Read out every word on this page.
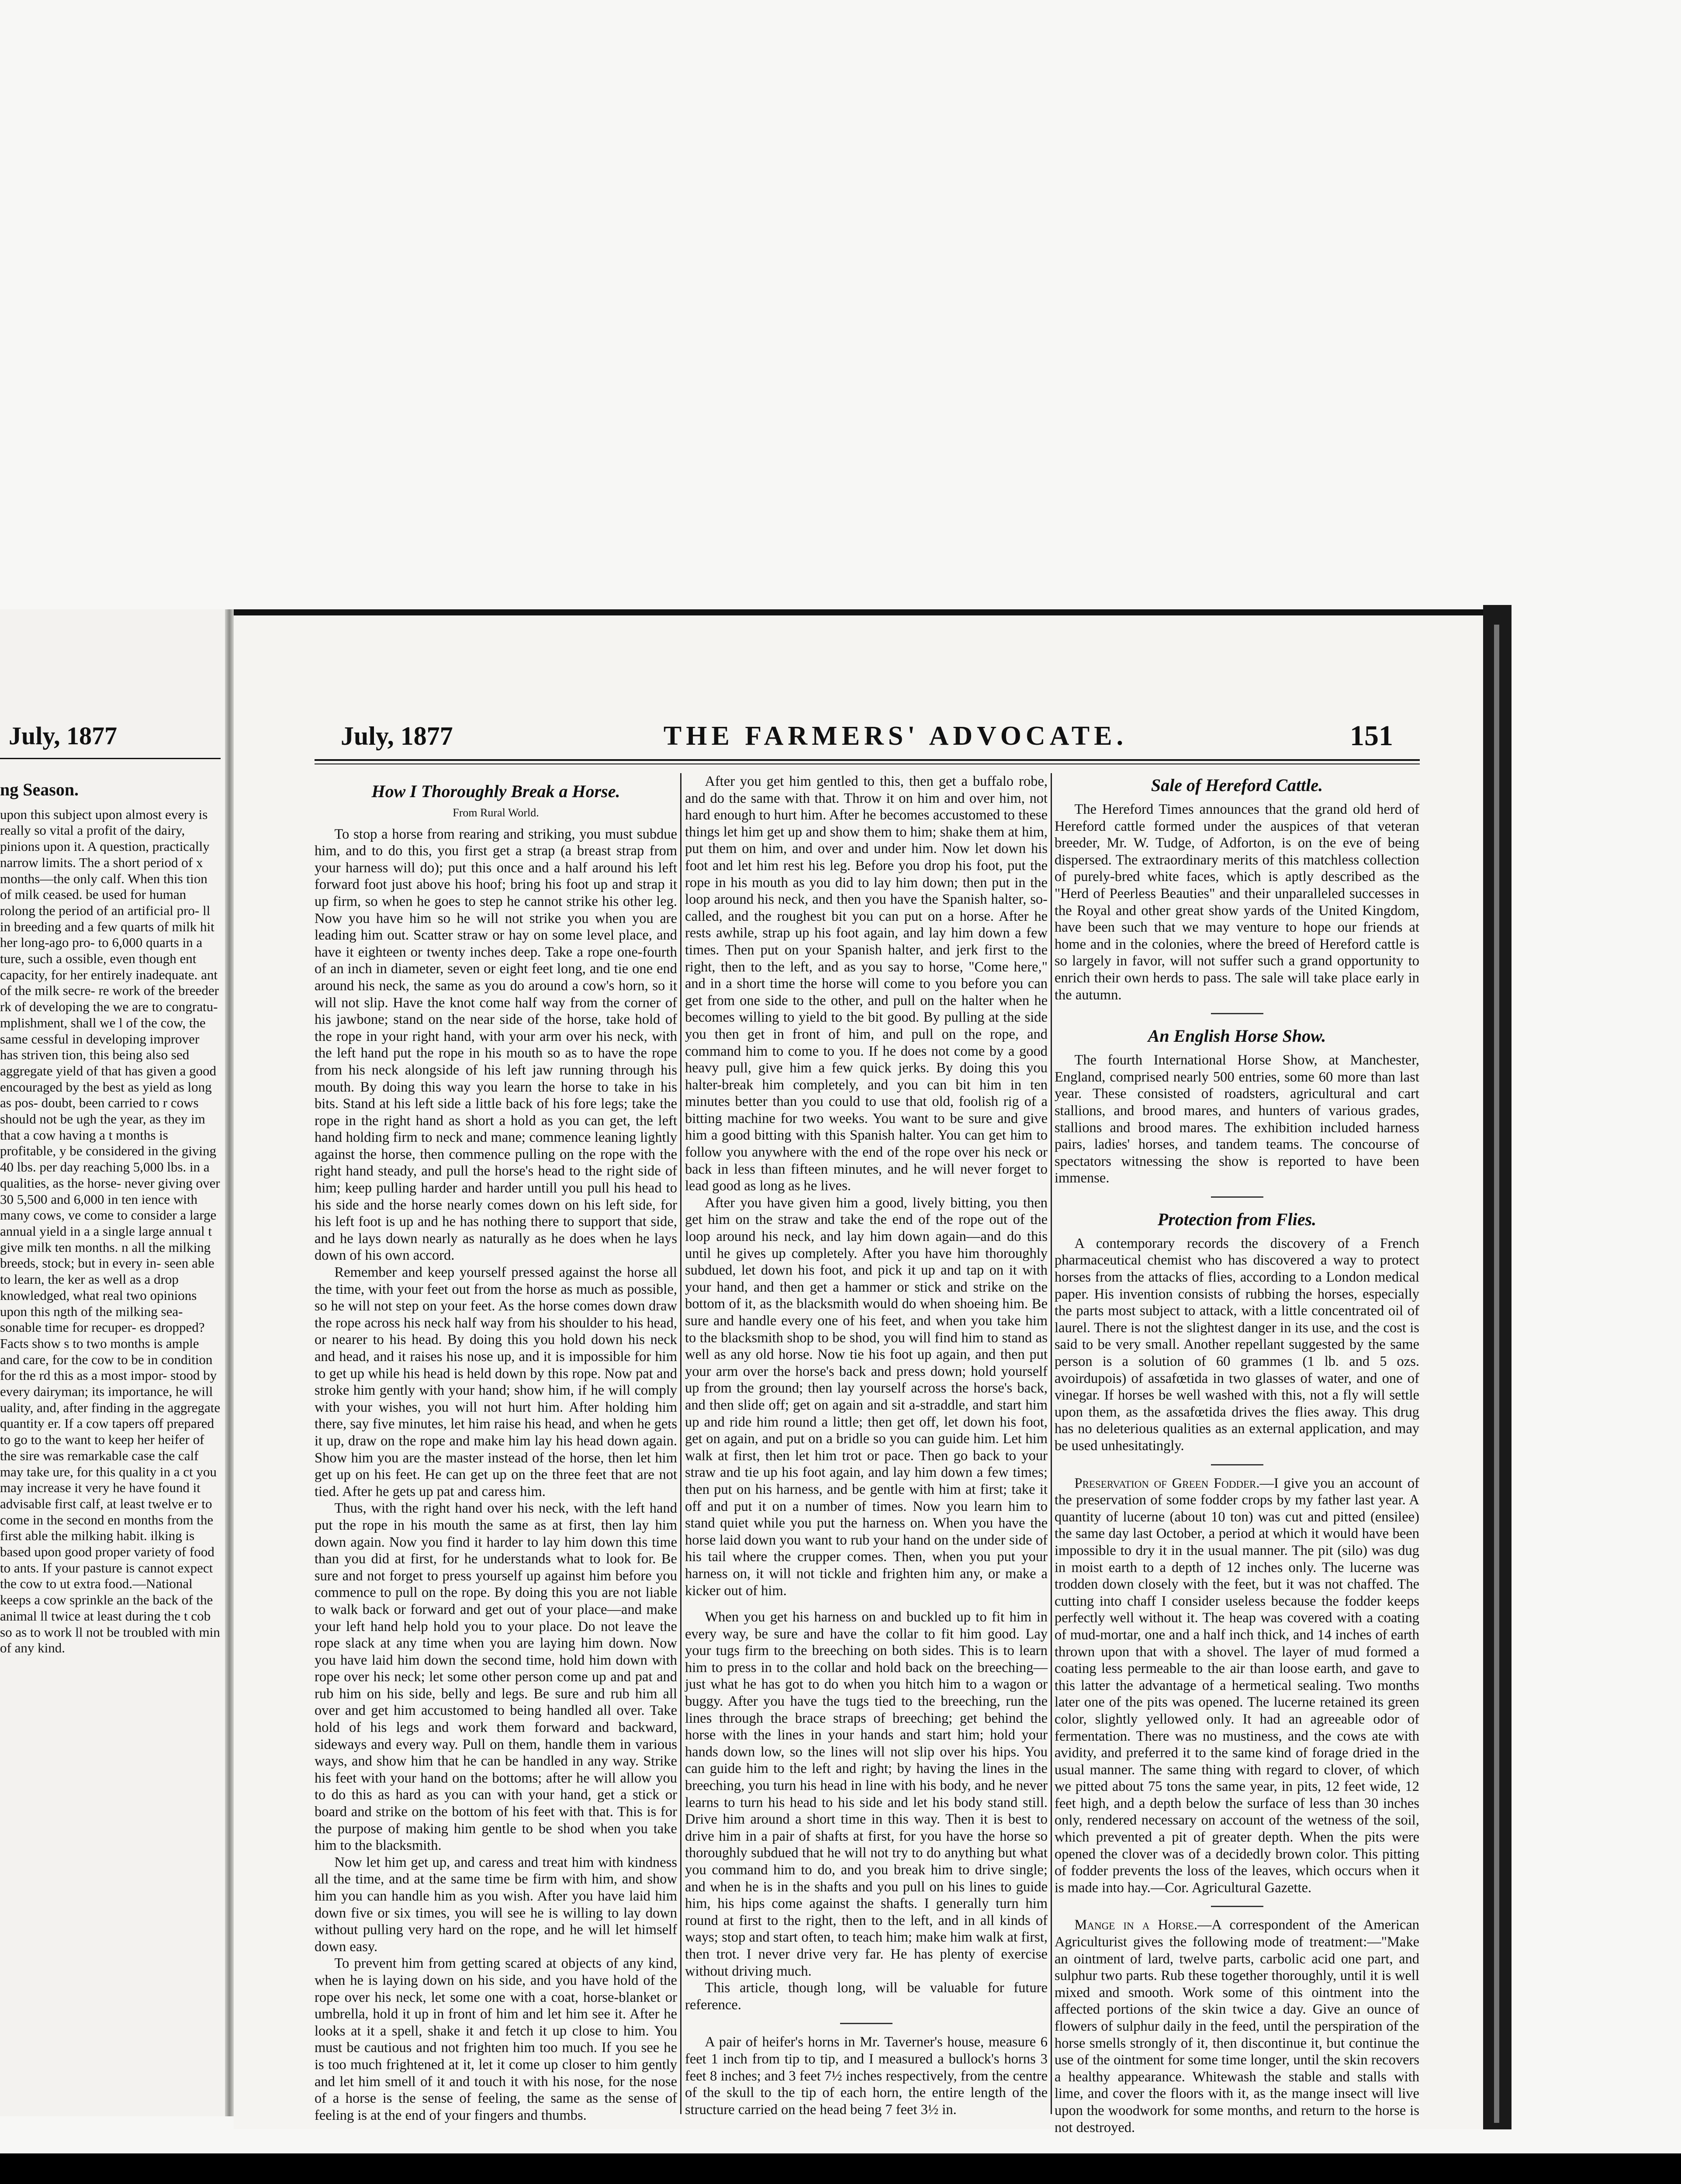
July, 1877
ng Season.

upon this subject upon almost every is really so vital a profit of the dairy, pinions upon it. A question, practically narrow limits. The a short period of x months—the only calf. When this tion of milk ceased. be used for human rolong the period of an artificial pro- ll in breeding and a few quarts of milk hit her long-ago pro- to 6,000 quarts in a ture, such a ossible, even though ent capacity, for her entirely inadequate. ant of the milk secre- re work of the breeder rk of developing the we are to congratu- mplishment, shall we l of the cow, the same cessful in developing improver has striven tion, this being also sed aggregate yield of that has given a good encouraged by the best as yield as long as pos- doubt, been carried to r cows should not be ugh the year, as they im that a cow having a t months is profitable, y be considered in the giving 40 lbs. per day reaching 5,000 lbs. in a qualities, as the horse- never giving over 30 5,500 and 6,000 in ten ience with many cows, ve come to consider a large annual yield in a a single large annual t give milk ten months. n all the milking breeds, stock; but in every in- seen able to learn, the ker as well as a drop knowledged, what real two opinions upon this ngth of the milking sea- sonable time for recuper- es dropped? Facts show s to two months is ample and care, for the cow to be in condition for the rd this as a most impor- stood by every dairyman; its importance, he will uality, and, after finding in the aggregate quantity er. If a cow tapers off prepared to go to the want to keep her heifer of the sire was remarkable case the calf may take ure, for this quality in a ct you may increase it very he have found it advisable first calf, at least twelve er to come in the second en months from the first able the milking habit. ilking is based upon good proper variety of food to ants. If your pasture is cannot expect the cow to ut extra food.—National keeps a cow sprinkle an the back of the animal ll twice at least during the t cob so as to work ll not be troubled with min of any kind.

July, 1877	THE FARMERS' ADVOCATE.	151
How I Thoroughly Break a Horse.
From Rural World.

To stop a horse from rearing and striking, you must subdue him, and to do this, you first get a strap (a breast strap from your harness will do); put this once and a half around his left forward foot just above his hoof; bring his foot up and strap it up firm, so when he goes to step he cannot strike his other leg. Now you have him so he will not strike you when you are leading him out. Scatter straw or hay on some level place, and have it eighteen or twenty inches deep. Take a rope one-fourth of an inch in diameter, seven or eight feet long, and tie one end around his neck, the same as you do around a cow's horn, so it will not slip. Have the knot come half way from the corner of his jawbone; stand on the near side of the horse, take hold of the rope in your right hand, with your arm over his neck, with the left hand put the rope in his mouth so as to have the rope from his neck alongside of his left jaw running through his mouth. By doing this way you learn the horse to take in his bits. Stand at his left side a little back of his fore legs; take the rope in the right hand as short a hold as you can get, the left hand holding firm to neck and mane; commence leaning lightly against the horse, then commence pulling on the rope with the right hand steady, and pull the horse's head to the right side of him; keep pulling harder and harder untill you pull his head to his side and the horse nearly comes down on his left side, for his left foot is up and he has nothing there to support that side, and he lays down nearly as naturally as he does when he lays down of his own accord.

Remember and keep yourself pressed against the horse all the time, with your feet out from the horse as much as possible, so he will not step on your feet. As the horse comes down draw the rope across his neck half way from his shoulder to his head, or nearer to his head. By doing this you hold down his neck and head, and it raises his nose up, and it is impossible for him to get up while his head is held down by this rope. Now pat and stroke him gently with your hand; show him, if he will comply with your wishes, you will not hurt him. After holding him there, say five minutes, let him raise his head, and when he gets it up, draw on the rope and make him lay his head down again. Show him you are the master instead of the horse, then let him get up on his feet. He can get up on the three feet that are not tied. After he gets up pat and caress him.

Thus, with the right hand over his neck, with the left hand put the rope in his mouth the same as at first, then lay him down again. Now you find it harder to lay him down this time than you did at first, for he understands what to look for. Be sure and not forget to press yourself up against him before you commence to pull on the rope. By doing this you are not liable to walk back or forward and get out of your place—and make your left hand help hold you to your place. Do not leave the rope slack at any time when you are laying him down. Now you have laid him down the second time, hold him down with rope over his neck; let some other person come up and pat and rub him on his side, belly and legs. Be sure and rub him all over and get him accustomed to being handled all over. Take hold of his legs and work them forward and backward, sideways and every way. Pull on them, handle them in various ways, and show him that he can be handled in any way. Strike his feet with your hand on the bottoms; after he will allow you to do this as hard as you can with your hand, get a stick or board and strike on the bottom of his feet with that. This is for the purpose of making him gentle to be shod when you take him to the blacksmith.

Now let him get up, and caress and treat him with kindness all the time, and at the same time be firm with him, and show him you can handle him as you wish. After you have laid him down five or six times, you will see he is willing to lay down without pulling very hard on the rope, and he will let himself down easy.

To prevent him from getting scared at objects of any kind, when he is laying down on his side, and you have hold of the rope over his neck, let some one with a coat, horse-blanket or umbrella, hold it up in front of him and let him see it. After he looks at it a spell, shake it and fetch it up close to him. You must be cautious and not frighten him too much. If you see he is too much frightened at it, let it come up closer to him gently and let him smell of it and touch it with his nose, for the nose of a horse is the sense of feeling, the same as the sense of feeling is at the end of your fingers and thumbs.

After you get him gentled to this, then get a buffalo robe, and do the same with that. Throw it on him and over him, not hard enough to hurt him. After he becomes accustomed to these things let him get up and show them to him; shake them at him, put them on him, and over and under him. Now let down his foot and let him rest his leg. Before you drop his foot, put the rope in his mouth as you did to lay him down; then put in the loop around his neck, and then you have the Spanish halter, so-called, and the roughest bit you can put on a horse. After he rests awhile, strap up his foot again, and lay him down a few times. Then put on your Spanish halter, and jerk first to the right, then to the left, and as you say to horse, "Come here," and in a short time the horse will come to you before you can get from one side to the other, and pull on the halter when he becomes willing to yield to the bit good. By pulling at the side you then get in front of him, and pull on the rope, and command him to come to you. If he does not come by a good heavy pull, give him a few quick jerks. By doing this you halter-break him completely, and you can bit him in ten minutes better than you could to use that old, foolish rig of a bitting machine for two weeks. You want to be sure and give him a good bitting with this Spanish halter. You can get him to follow you anywhere with the end of the rope over his neck or back in less than fifteen minutes, and he will never forget to lead good as long as he lives.

After you have given him a good, lively bitting, you then get him on the straw and take the end of the rope out of the loop around his neck, and lay him down again—and do this until he gives up completely. After you have him thoroughly subdued, let down his foot, and pick it up and tap on it with your hand, and then get a hammer or stick and strike on the bottom of it, as the blacksmith would do when shoeing him. Be sure and handle every one of his feet, and when you take him to the blacksmith shop to be shod, you will find him to stand as well as any old horse. Now tie his foot up again, and then put your arm over the horse's back and press down; hold yourself up from the ground; then lay yourself across the horse's back, and then slide off; get on again and sit a-straddle, and start him up and ride him round a little; then get off, let down his foot, get on again, and put on a bridle so you can guide him. Let him walk at first, then let him trot or pace. Then go back to your straw and tie up his foot again, and lay him down a few times; then put on his harness, and be gentle with him at first; take it off and put it on a number of times. Now you learn him to stand quiet while you put the harness on. When you have the horse laid down you want to rub your hand on the under side of his tail where the crupper comes. Then, when you put your harness on, it will not tickle and frighten him any, or make a kicker out of him.

When you get his harness on and buckled up to fit him in every way, be sure and have the collar to fit him good. Lay your tugs firm to the breeching on both sides. This is to learn him to press in to the collar and hold back on the breeching—just what he has got to do when you hitch him to a wagon or buggy. After you have the tugs tied to the breeching, run the lines through the brace straps of breeching; get behind the horse with the lines in your hands and start him; hold your hands down low, so the lines will not slip over his hips. You can guide him to the left and right; by having the lines in the breeching, you turn his head in line with his body, and he never learns to turn his head to his side and let his body stand still. Drive him around a short time in this way. Then it is best to drive him in a pair of shafts at first, for you have the horse so thoroughly subdued that he will not try to do anything but what you command him to do, and you break him to drive single; and when he is in the shafts and you pull on his lines to guide him, his hips come against the shafts. I generally turn him round at first to the right, then to the left, and in all kinds of ways; stop and start often, to teach him; make him walk at first, then trot. I never drive very far. He has plenty of exercise without driving much.

This article, though long, will be valuable for future reference.

A pair of heifer's horns in Mr. Taverner's house, measure 6 feet 1 inch from tip to tip, and I measured a bullock's horns 3 feet 8 inches; and 3 feet 7½ inches respectively, from the centre of the skull to the tip of each horn, the entire length of the structure carried on the head being 7 feet 3½ in.

Sale of Hereford Cattle.

The Hereford Times announces that the grand old herd of Hereford cattle formed under the auspices of that veteran breeder, Mr. W. Tudge, of Adforton, is on the eve of being dispersed. The extraordinary merits of this matchless collection of purely-bred white faces, which is aptly described as the "Herd of Peerless Beauties" and their unparalleled successes in the Royal and other great show yards of the United Kingdom, have been such that we may venture to hope our friends at home and in the colonies, where the breed of Hereford cattle is so largely in favor, will not suffer such a grand opportunity to enrich their own herds to pass. The sale will take place early in the autumn.

An English Horse Show.

The fourth International Horse Show, at Manchester, England, comprised nearly 500 entries, some 60 more than last year. These consisted of roadsters, agricultural and cart stallions, and brood mares, and hunters of various grades, stallions and brood mares. The exhibition included harness pairs, ladies' horses, and tandem teams. The concourse of spectators witnessing the show is reported to have been immense.

Protection from Flies.

A contemporary records the discovery of a French pharmaceutical chemist who has discovered a way to protect horses from the attacks of flies, according to a London medical paper. His invention consists of rubbing the horses, especially the parts most subject to attack, with a little concentrated oil of laurel. There is not the slightest danger in its use, and the cost is said to be very small. Another repellant suggested by the same person is a solution of 60 grammes (1 lb. and 5 ozs. avoirdupois) of assafœtida in two glasses of water, and one of vinegar. If horses be well washed with this, not a fly will settle upon them, as the assafœtida drives the flies away. This drug has no deleterious qualities as an external application, and may be used unhesitatingly.

Preservation of Green Fodder.—I give you an account of the preservation of some fodder crops by my father last year. A quantity of lucerne (about 10 ton) was cut and pitted (ensilee) the same day last October, a period at which it would have been impossible to dry it in the usual manner. The pit (silo) was dug in moist earth to a depth of 12 inches only. The lucerne was trodden down closely with the feet, but it was not chaffed. The cutting into chaff I consider useless because the fodder keeps perfectly well without it. The heap was covered with a coating of mud-mortar, one and a half inch thick, and 14 inches of earth thrown upon that with a shovel. The layer of mud formed a coating less permeable to the air than loose earth, and gave to this latter the advantage of a hermetical sealing. Two months later one of the pits was opened. The lucerne retained its green color, slightly yellowed only. It had an agreeable odor of fermentation. There was no mustiness, and the cows ate with avidity, and preferred it to the same kind of forage dried in the usual manner. The same thing with regard to clover, of which we pitted about 75 tons the same year, in pits, 12 feet wide, 12 feet high, and a depth below the surface of less than 30 inches only, rendered necessary on account of the wetness of the soil, which prevented a pit of greater depth. When the pits were opened the clover was of a decidedly brown color. This pitting of fodder prevents the loss of the leaves, which occurs when it is made into hay.—Cor. Agricultural Gazette.

Mange in a Horse.—A correspondent of the American Agriculturist gives the following mode of treatment:—"Make an ointment of lard, twelve parts, carbolic acid one part, and sulphur two parts. Rub these together thoroughly, until it is well mixed and smooth. Work some of this ointment into the affected portions of the skin twice a day. Give an ounce of flowers of sulphur daily in the feed, until the perspiration of the horse smells strongly of it, then discontinue it, but continue the use of the ointment for some time longer, until the skin recovers a healthy appearance. Whitewash the stable and stalls with lime, and cover the floors with it, as the mange insect will live upon the woodwork for some months, and return to the horse is not destroyed.
